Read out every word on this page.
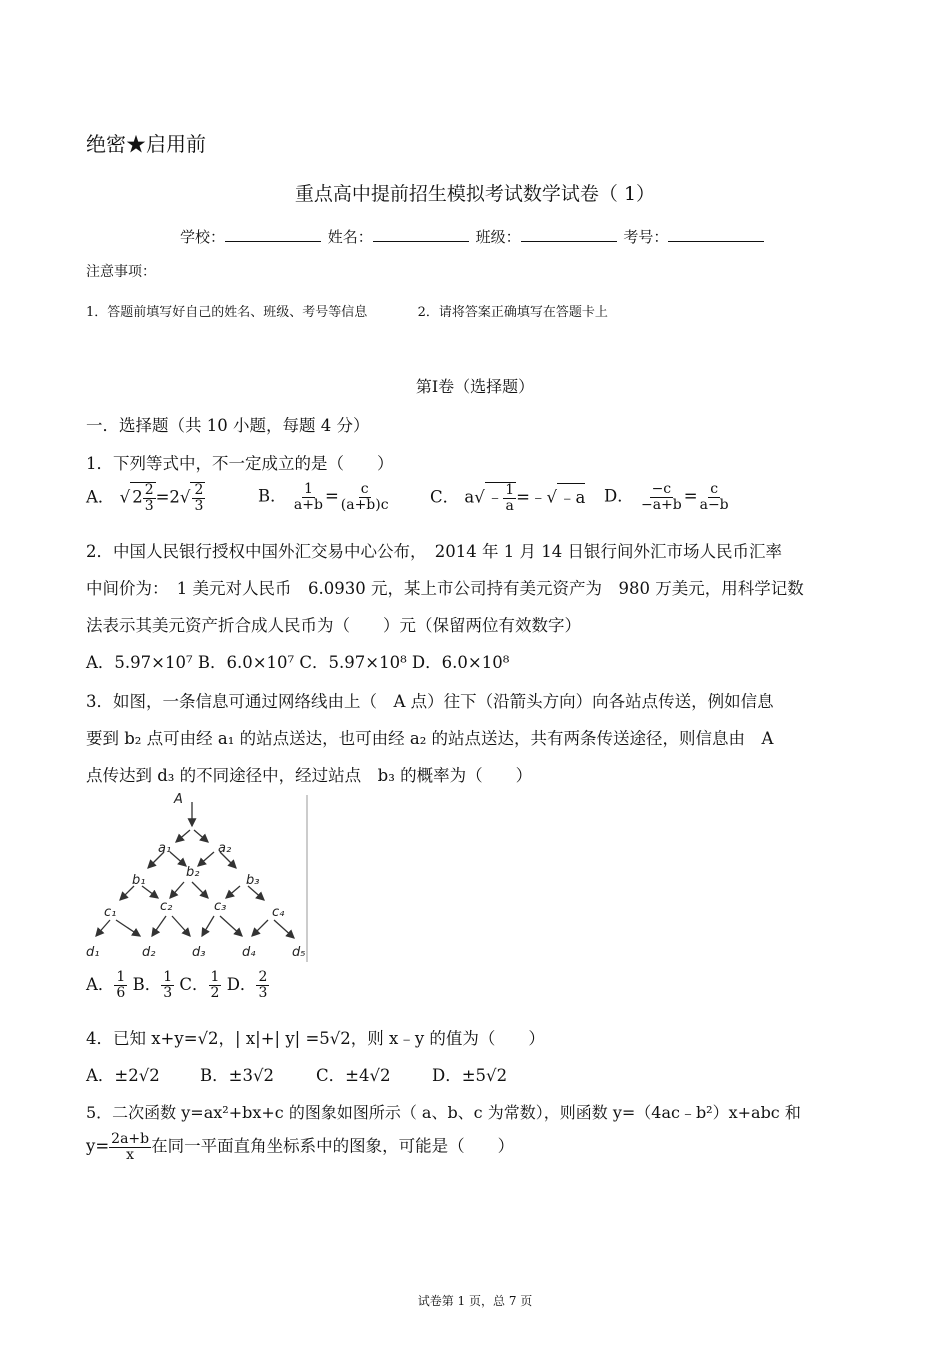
绝密★启用前
重点高中提前招生模拟考试数学试卷（ 1）
学校：	姓名：	班级：	考号：
注意事项：
1．答题前填写好自己的姓名、班级、考号等信息	2．请将答案正确填写在答题卡上
第Ⅰ卷（选择题）
一．选择题（共 10 小题，每题 4 分）
1．下列等式中，不一定成立的是（　　）
A． √ $2 \frac{2}{3} =2√ \frac{2}{3}$	B． $\frac{1}{a+b} = \frac{c}{(a+b)c}$ C． a√ ﹣ $\frac{1}{a}$ =﹣√ ﹣a D． $\frac{-c}{-a+b} = \frac{c}{a-b}$
2．中国人民银行授权中国外汇交易中心公布，　2014 年 1 月 14 日银行间外汇市场人民币汇率
中间价为：　1 美元对人民币　6.0930 元，某上市公司持有美元资产为　980 万美元，用科学记数
法表示其美元资产折合成人民币为（　　）元（保留两位有效数字）
A．5.97×10⁷ B．6.0×10⁷ C．5.97×10⁸ D．6.0×10⁸
3．如图，一条信息可通过网络线由上（　A 点）往下（沿箭头方向）向各站点传送，例如信息
要到 b₂ 点可由经 a₁ 的站点送达，也可由经 a₂ 的站点送达，共有两条传送途径，则信息由　A
点传达到 d₃ 的不同途径中，经过站点　b₃ 的概率为（　　）
A
a₁	a₂
b₁
b₂
b₃
c₁	c₂	c₃	c₄
d₁	d₂	d₃	d₄	d₅
A． $\frac{1}{6}$ B． $\frac{1}{3}$ C． $\frac{1}{2}$ D． $\frac{2}{3}$
4．已知 x+y=√2，| x|+| y| =5√2，则 x﹣y 的值为（　　）
A．±2√2 B．±3√2	C．±4√2	D．±5√2
5．二次函数 y=ax²+bx+c 的图象如图所示（ a、b、c 为常数），则函数 y=（4ac﹣b²）x+abc 和
$y= \frac{2a+b}{x}$ 在同一平面直角坐标系中的图象，可能是（　　）
试卷第 1 页，总 7 页
